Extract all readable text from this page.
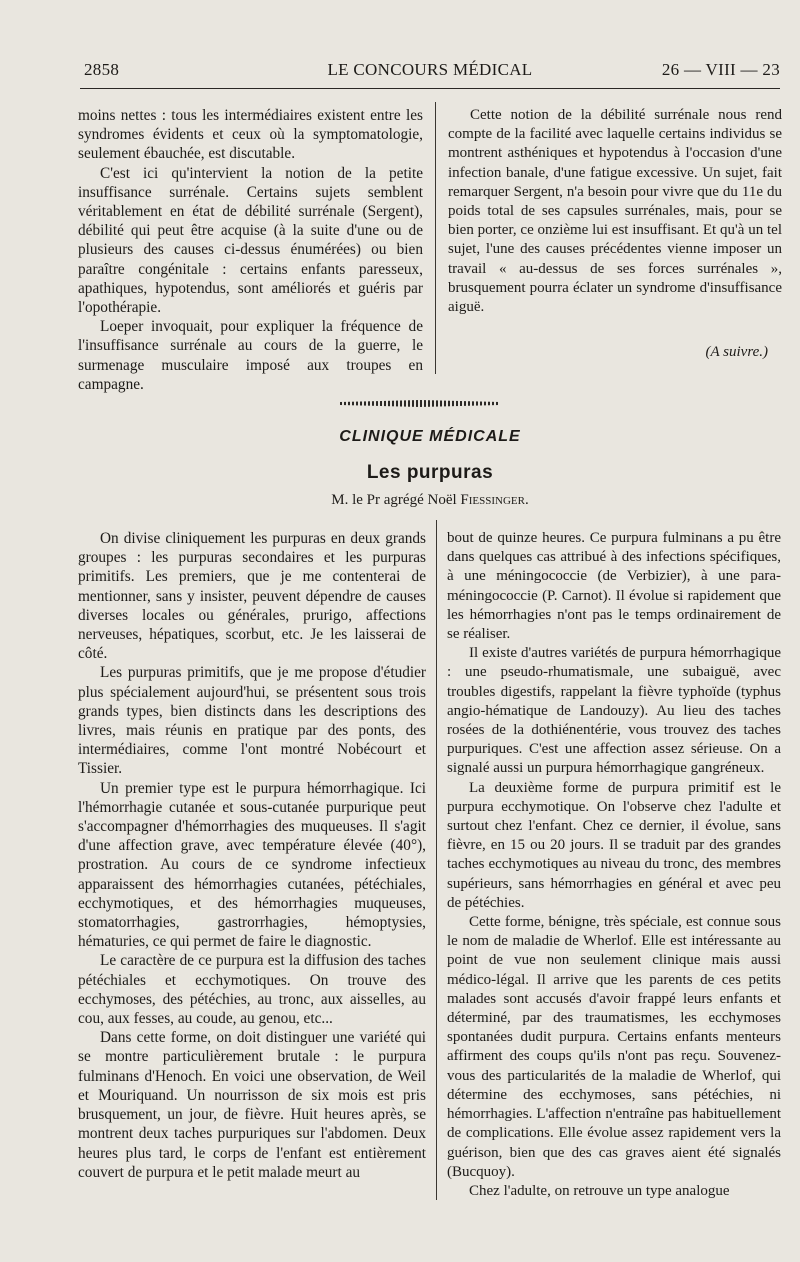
2858	LE CONCOURS MÉDICAL	26 — VIII — 23

moins nettes : tous les intermédiaires existent entre les syndromes évidents et ceux où la symptomatologie, seulement ébauchée, est discutable.

C'est ici qu'intervient la notion de la petite insuffisance surrénale. Certains sujets semblent véritablement en état de débilité surrénale (Sergent), débilité qui peut être acquise (à la suite d'une ou de plusieurs des causes ci-dessus énumérées) ou bien paraître congénitale : certains enfants paresseux, apathiques, hypotendus, sont améliorés et guéris par l'opothérapie.

Loeper invoquait, pour expliquer la fréquence de l'insuffisance surrénale au cours de la guerre, le surmenage musculaire imposé aux troupes en campagne.

Cette notion de la débilité surrénale nous rend compte de la facilité avec laquelle certains individus se montrent asthéniques et hypotendus à l'occasion d'une infection banale, d'une fatigue excessive. Un sujet, fait remarquer Sergent, n'a besoin pour vivre que du 11e du poids total de ses capsules surrénales, mais, pour se bien porter, ce onzième lui est insuffisant. Et qu'à un tel sujet, l'une des causes précédentes vienne imposer un travail « au-dessus de ses forces surrénales », brusquement pourra éclater un syndrome d'insuffisance aiguë.

(A suivre.)
CLINIQUE MÉDICALE
Les purpuras
M. le Pr agrégé Noël Fiessinger.

On divise cliniquement les purpuras en deux grands groupes : les purpuras secondaires et les purpuras primitifs. Les premiers, que je me contenterai de mentionner, sans y insister, peuvent dépendre de causes diverses locales ou générales, prurigo, affections nerveuses, hépatiques, scorbut, etc. Je les laisserai de côté.

Les purpuras primitifs, que je me propose d'étudier plus spécialement aujourd'hui, se présentent sous trois grands types, bien distincts dans les descriptions des livres, mais réunis en pratique par des ponts, des intermédiaires, comme l'ont montré Nobécourt et Tissier.

Un premier type est le purpura hémorrhagique. Ici l'hémorrhagie cutanée et sous-cutanée purpurique peut s'accompagner d'hémorrhagies des muqueuses. Il s'agit d'une affection grave, avec température élevée (40°), prostration. Au cours de ce syndrome infectieux apparaissent des hémorrhagies cutanées, pétéchiales, ecchymotiques, et des hémorrhagies muqueuses, stomatorrhagies, gastrorrhagies, hémoptysies, hématuries, ce qui permet de faire le diagnostic.

Le caractère de ce purpura est la diffusion des taches pétéchiales et ecchymotiques. On trouve des ecchymoses, des pétéchies, au tronc, aux aisselles, au cou, aux fesses, au coude, au genou, etc...

Dans cette forme, on doit distinguer une variété qui se montre particulièrement brutale : le purpura fulminans d'Henoch. En voici une observation, de Weil et Mouriquand. Un nourrisson de six mois est pris brusquement, un jour, de fièvre. Huit heures après, se montrent deux taches purpuriques sur l'abdomen. Deux heures plus tard, le corps de l'enfant est entièrement couvert de purpura et le petit malade meurt au

bout de quinze heures. Ce purpura fulminans a pu être dans quelques cas attribué à des infections spécifiques, à une méningococcie (de Verbizier), à une para-méningococcie (P. Carnot). Il évolue si rapidement que les hémorrhagies n'ont pas le temps ordinairement de se réaliser.

Il existe d'autres variétés de purpura hémorrhagique : une pseudo-rhumatismale, une subaiguë, avec troubles digestifs, rappelant la fièvre typhoïde (typhus angio-hématique de Landouzy). Au lieu des taches rosées de la dothiénentérie, vous trouvez des taches purpuriques. C'est une affection assez sérieuse. On a signalé aussi un purpura hémorrhagique gangréneux.

La deuxième forme de purpura primitif est le purpura ecchymotique. On l'observe chez l'adulte et surtout chez l'enfant. Chez ce dernier, il évolue, sans fièvre, en 15 ou 20 jours. Il se traduit par des grandes taches ecchymotiques au niveau du tronc, des membres supérieurs, sans hémorrhagies en général et avec peu de pétéchies.

Cette forme, bénigne, très spéciale, est connue sous le nom de maladie de Wherlof. Elle est intéressante au point de vue non seulement clinique mais aussi médico-légal. Il arrive que les parents de ces petits malades sont accusés d'avoir frappé leurs enfants et déterminé, par des traumatismes, les ecchymoses spontanées dudit purpura. Certains enfants menteurs affirment des coups qu'ils n'ont pas reçu. Souvenez-vous des particularités de la maladie de Wherlof, qui détermine des ecchymoses, sans pétéchies, ni hémorrhagies. L'affection n'entraîne pas habituellement de complications. Elle évolue assez rapidement vers la guérison, bien que des cas graves aient été signalés (Bucquoy).

Chez l'adulte, on retrouve un type analogue
